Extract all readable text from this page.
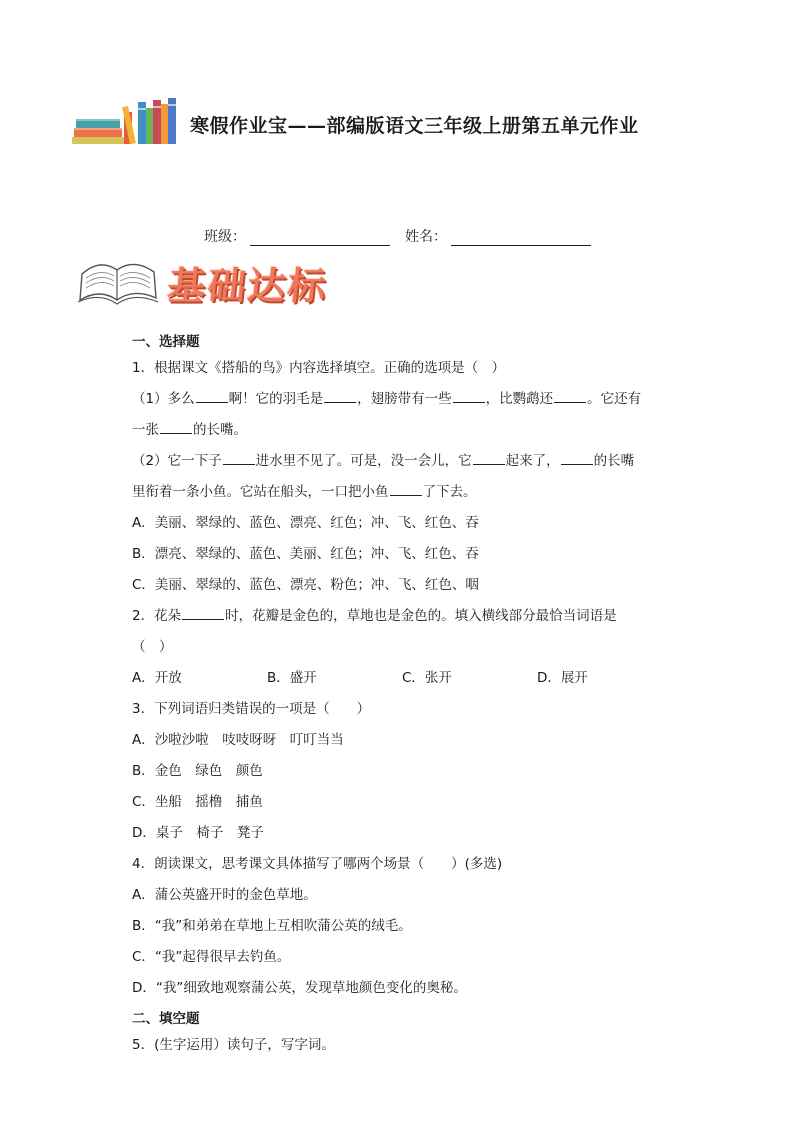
寒假作业宝——部编版语文三年级上册第五单元作业
班级：	姓名：
基础达标
一、选择题
1．根据课文《搭船的鸟》内容选择填空。正确的选项是（　）
（1）多么	啊！它的羽毛是	，翅膀带有一些	，比鹦鹉还	。它还有
一张	的长嘴。
（2）它一下子	进水里不见了。可是，没一会儿，它	起来了，	的长嘴
里衔着一条小鱼。它站在船头，一口把小鱼	了下去。
A．美丽、翠绿的、蓝色、漂亮、红色；冲、飞、红色、吞
B．漂亮、翠绿的、蓝色、美丽、红色；冲、飞、红色、吞
C．美丽、翠绿的、蓝色、漂亮、粉色；冲、飞、红色、咽
2．花朵	时，花瓣是金色的，草地也是金色的。填入横线部分最恰当词语是
（　）
A．开放	B．盛开	C．张开	D．展开
3．下列词语归类错误的一项是（　　）
A．沙啦沙啦　吱吱呀呀　叮叮当当
B．金色　绿色　颜色
C．坐船　摇橹　捕鱼
D．桌子　椅子　凳子
4．朗读课文，思考课文具体描写了哪两个场景（　　）(多选)
A．蒲公英盛开时的金色草地。
B．“我”和弟弟在草地上互相吹蒲公英的绒毛。
C．“我”起得很早去钓鱼。
D．“我”细致地观察蒲公英，发现草地颜色变化的奥秘。
二、填空题
5．(生字运用）读句子，写字词。
